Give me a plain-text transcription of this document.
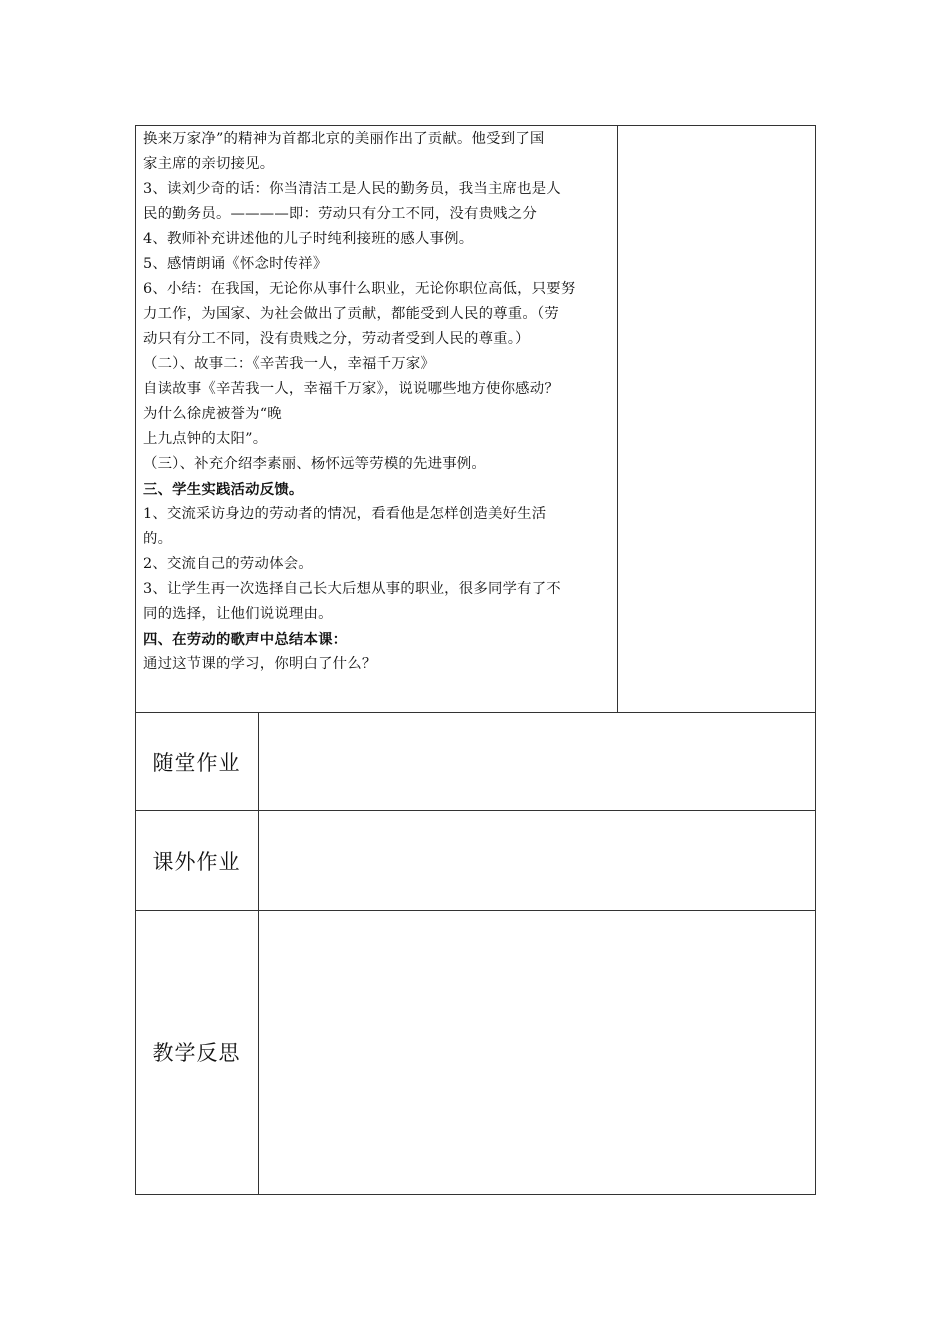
换来万家净”的精神为首都北京的美丽作出了贡献。他受到了国

家主席的亲切接见。

3、读刘少奇的话：你当清洁工是人民的勤务员，我当主席也是人

民的勤务员。————即：劳动只有分工不同，没有贵贱之分

4、教师补充讲述他的儿子时纯利接班的感人事例。

5、感情朗诵《怀念时传祥》

6、小结：在我国，无论你从事什么职业，无论你职位高低，只要努

力工作，为国家、为社会做出了贡献，都能受到人民的尊重。（劳

动只有分工不同，没有贵贱之分，劳动者受到人民的尊重。）

（二）、故事二：《辛苦我一人，幸福千万家》

自读故事《辛苦我一人，幸福千万家》，说说哪些地方使你感动？

为什么徐虎被誉为“晚

上九点钟的太阳”。

（三）、补充介绍李素丽、杨怀远等劳模的先进事例。

三、学生实践活动反馈。

1、交流采访身边的劳动者的情况，看看他是怎样创造美好生活

的。

2、交流自己的劳动体会。

3、让学生再一次选择自己长大后想从事的职业，很多同学有了不

同的选择，让他们说说理由。

四、在劳动的歌声中总结本课：

通过这节课的学习，你明白了什么？

随堂作业
课外作业
教学反思
